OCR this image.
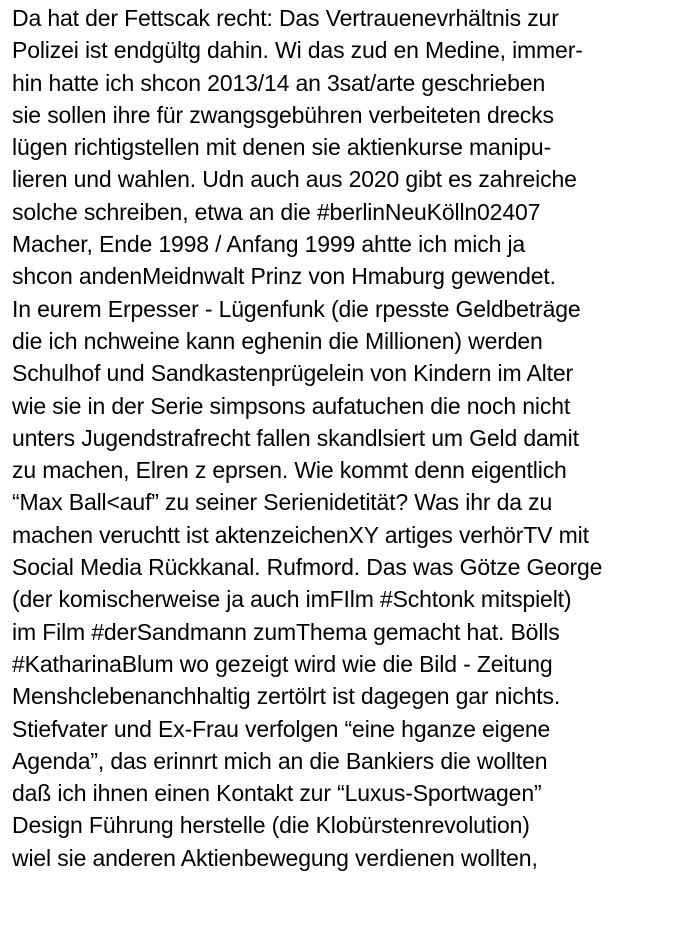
Da hat der Fettscak recht: Das Vertrauenevrhältnis zur
Polizei ist endgültg dahin. Wi das zud en Medine, immer-
hin hatte ich shcon 2013/14 an 3sat/arte geschrieben
sie sollen ihre für zwangsgebühren verbeiteten drecks
lügen richtigstellen mit denen sie aktienkurse manipu-
lieren und wahlen. Udn auch aus 2020 gibt es zahreiche
solche schreiben, etwa an die #berlinNeuKölln02407
Macher, Ende 1998 / Anfang 1999 ahtte ich mich ja
shcon andenMeidnwalt Prinz von Hmaburg gewendet.
In eurem Erpesser - Lügenfunk (die rpesste Geldbeträge
die ich nchweine kann eghenin die Millionen) werden
Schulhof und Sandkastenprügelein von Kindern im Alter
wie sie in der Serie simpsons aufatuchen die noch nicht
unters Jugendstrafrecht fallen skandlsiert um Geld damit
zu machen, Elren z eprsen. Wie kommt denn eigentlich
“Max Ball<auf” zu seiner Serienidetität? Was ihr da zu
machen veruchtt ist aktenzeichenXY artiges verhörTV mit
Social Media Rückkanal. Rufmord. Das was Götze George
(der komischerweise ja auch imFIlm #Schtonk mitspielt)
im Film #derSandmann zumThema gemacht hat. Bölls
#KatharinaBlum wo gezeigt wird wie die Bild - Zeitung
Menshclebenanchhaltig zertölrt ist dagegen gar nichts.
Stiefvater und Ex-Frau verfolgen “eine hganze eigene
Agenda”, das erinnrt mich an die Bankiers die wollten
daß ich ihnen einen Kontakt zur “Luxus-Sportwagen”
Design Führung herstelle (die Klobürstenrevolution)
wiel sie anderen Aktienbewegung verdienen wollten,
